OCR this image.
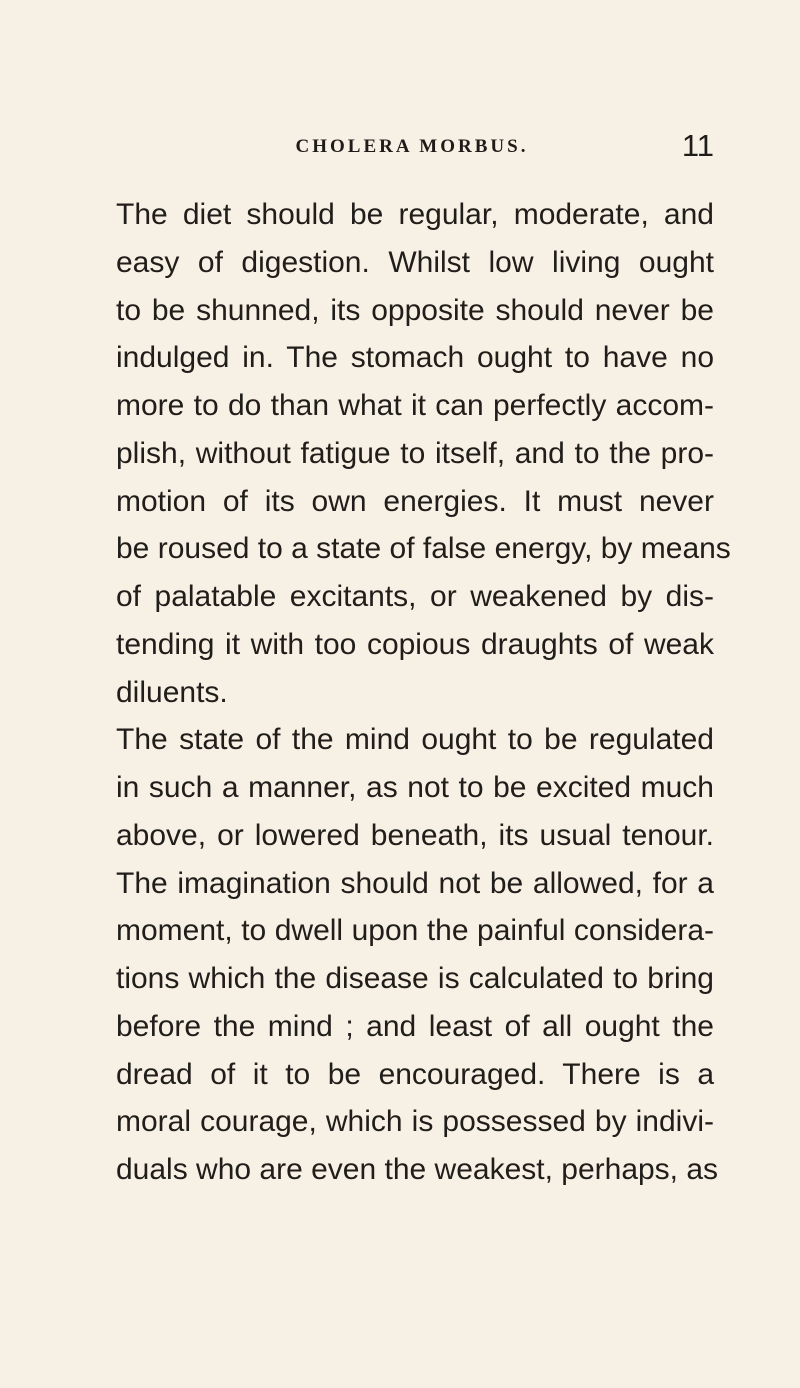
CHOLERA MORBUS.	11
The diet should be regular, moderate, and
easy of digestion. Whilst low living ought
to be shunned, its opposite should never be
indulged in. The stomach ought to have no
more to do than what it can perfectly accom-
plish, without fatigue to itself, and to the pro-
motion of its own energies. It must never
be roused to a state of false energy, by means
of palatable excitants, or weakened by dis-
tending it with too copious draughts of weak
diluents.
The state of the mind ought to be regulated
in such a manner, as not to be excited much
above, or lowered beneath, its usual tenour.
The imagination should not be allowed, for a
moment, to dwell upon the painful considera-
tions which the disease is calculated to bring
before the mind ; and least of all ought the
dread of it to be encouraged. There is a
moral courage, which is possessed by indivi-
duals who are even the weakest, perhaps, as
